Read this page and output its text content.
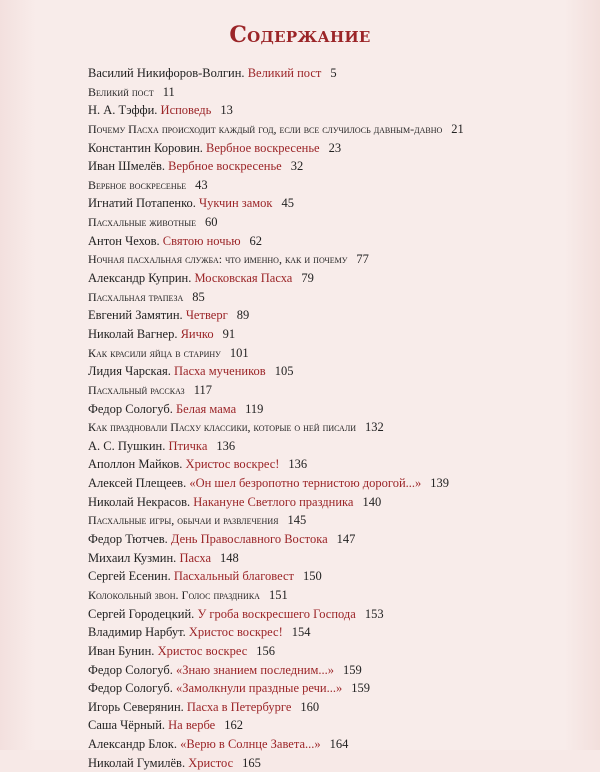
Содержание
Василий Никифоров-Волгин. Великий пост 5
Великий пост 11
Н. А. Тэффи. Исповедь 13
Почему Пасха происходит каждый год, если все случилось давным-давно 21
Константин Коровин. Вербное воскресенье 23
Иван Шмелёв. Вербное воскресенье 32
Вербное воскресенье 43
Игнатий Потапенко. Чукчин замок 45
Пасхальные животные 60
Антон Чехов. Святою ночью 62
Ночная пасхальная служба: что именно, как и почему 77
Александр Куприн. Московская Пасха 79
Пасхальная трапеза 85
Евгений Замятин. Четверг 89
Николай Вагнер. Яичко 91
Как красили яйца в старину 101
Лидия Чарская. Пасха мучеников 105
Пасхальный рассказ 117
Федор Сологуб. Белая мама 119
Как праздновали Пасху классики, которые о ней писали 132
А. С. Пушкин. Птичка 136
Аполлон Майков. Христос воскрес! 136
Алексей Плещеев. «Он шел безропотно тернистою дорогой...» 139
Николай Некрасов. Накануне Светлого праздника 140
Пасхальные игры, обычаи и развлечения 145
Федор Тютчев. День Православного Востока 147
Михаил Кузмин. Пасха 148
Сергей Есенин. Пасхальный благовест 150
Колокольный звон. Голос праздника 151
Сергей Городецкий. У гроба воскресшего Господа 153
Владимир Нарбут. Христос воскрес! 154
Иван Бунин. Христос воскрес 156
Федор Сологуб. «Знаю знанием последним...» 159
Федор Сологуб. «Замолкнули праздные речи...» 159
Игорь Северянин. Пасха в Петербурге 160
Саша Чёрный. На вербе 162
Александр Блок. «Верю в Солнце Завета...» 164
Николай Гумилёв. Христос 165
